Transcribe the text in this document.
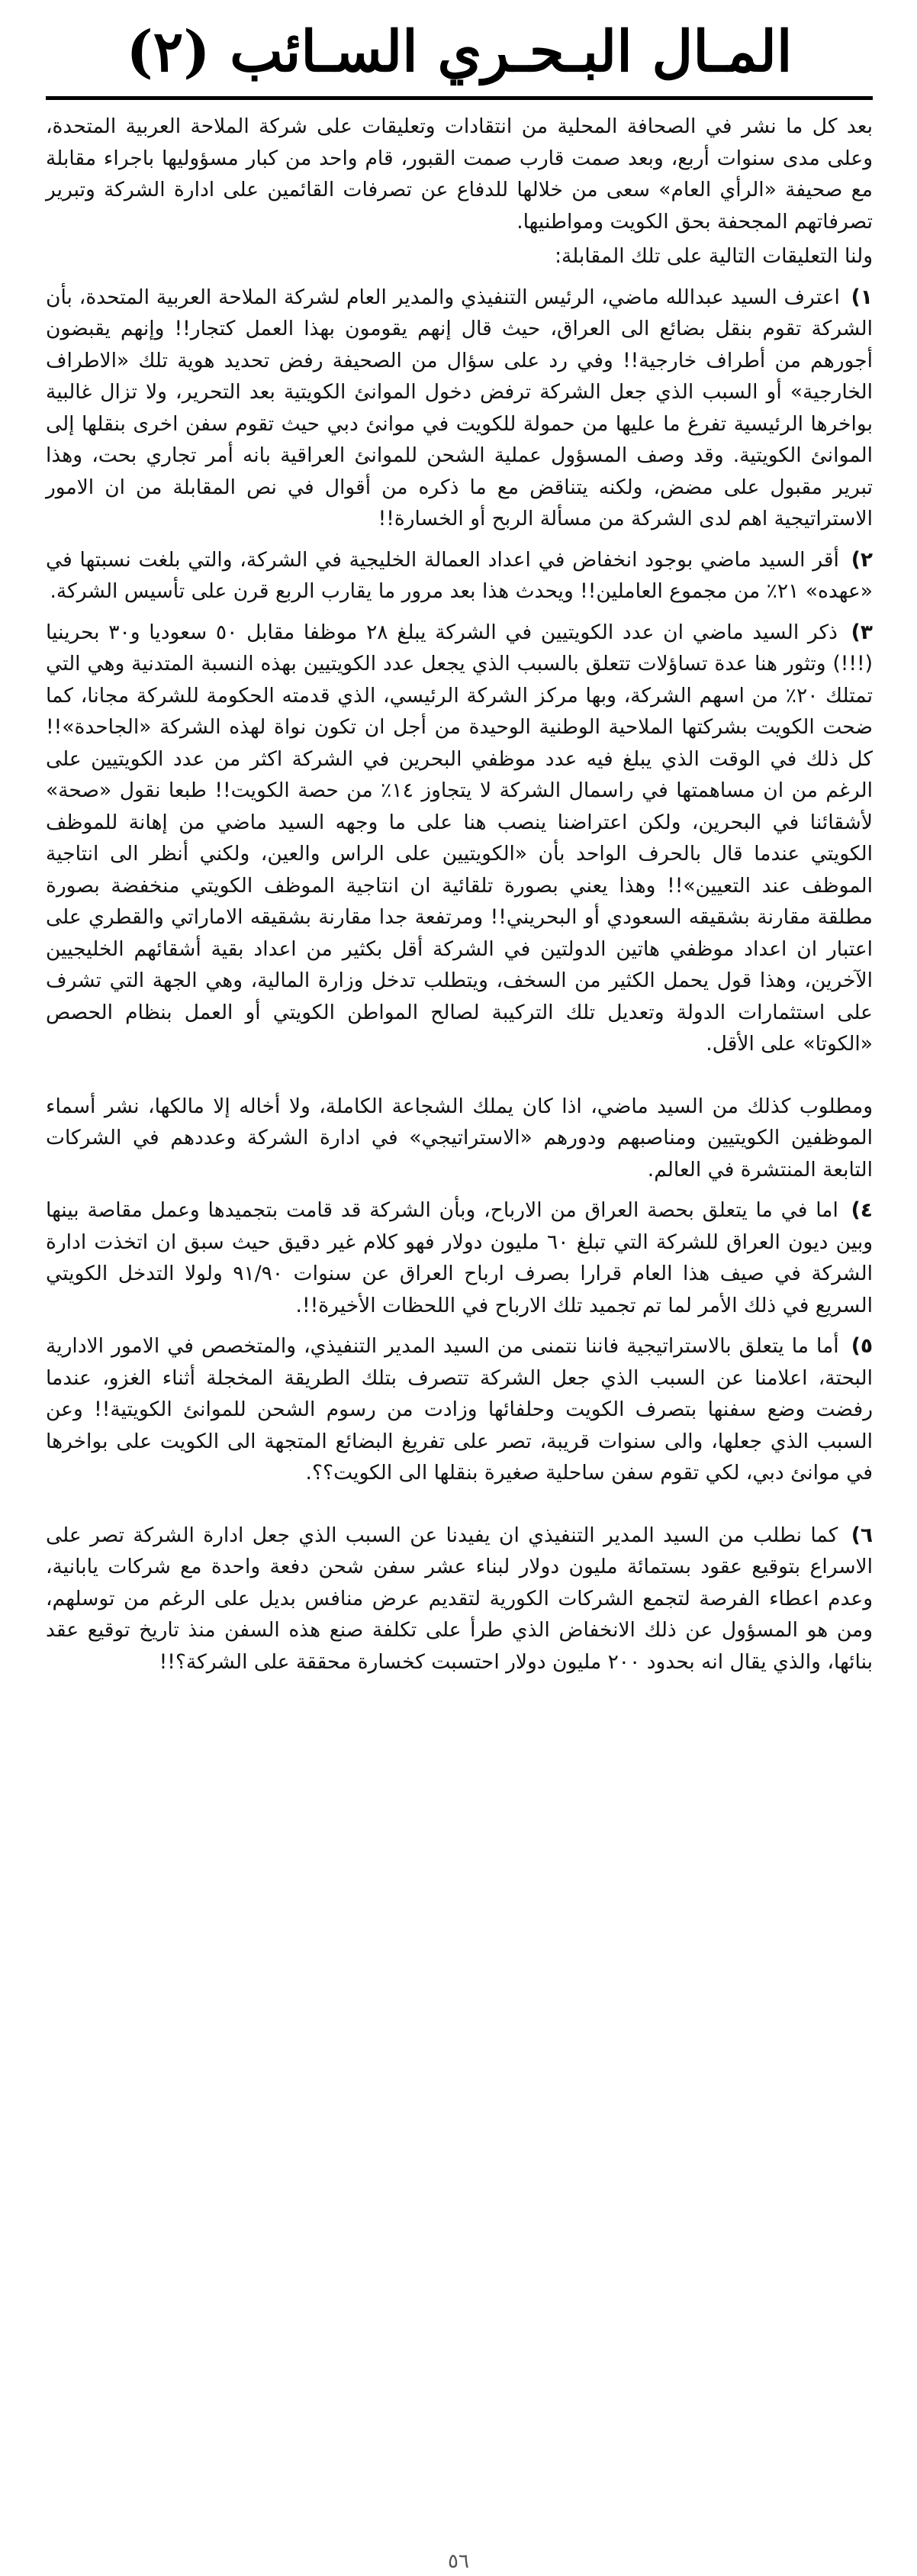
المـال البـحـري السـائب (٢)

بعد كل ما نشر في الصحافة المحلية من انتقادات وتعليقات على شركة الملاحة العربية المتحدة، وعلى مدى سنوات أربع، وبعد صمت قارب صمت القبور، قام واحد من كبار مسؤوليها باجراء مقابلة مع صحيفة «الرأي العام» سعى من خلالها للدفاع عن تصرفات القائمين على ادارة الشركة وتبرير تصرفاتهم المجحفة بحق الكويت ومواطنيها.

ولنا التعليقات التالية على تلك المقابلة:

١) اعترف السيد عبدالله ماضي، الرئيس التنفيذي والمدير العام لشركة الملاحة العربية المتحدة، بأن الشركة تقوم بنقل بضائع الى العراق، حيث قال إنهم يقومون بهذا العمل كتجار!! وإنهم يقبضون أجورهم من أطراف خارجية!! وفي رد على سؤال من الصحيفة رفض تحديد هوية تلك «الاطراف الخارجية» أو السبب الذي جعل الشركة ترفض دخول الموانئ الكويتية بعد التحرير، ولا تزال غالبية بواخرها الرئيسية تفرغ ما عليها من حمولة للكويت في موانئ دبي حيث تقوم سفن اخرى بنقلها إلى الموانئ الكويتية. وقد وصف المسؤول عملية الشحن للموانئ العراقية بانه أمر تجاري بحت، وهذا تبرير مقبول على مضض، ولكنه يتناقض مع ما ذكره من أقوال في نص المقابلة من ان الامور الاستراتيجية اهم لدى الشركة من مسألة الربح أو الخسارة!!

٢) أقر السيد ماضي بوجود انخفاض في اعداد العمالة الخليجية في الشركة، والتي بلغت نسبتها في «عهده» ٢١٪ من مجموع العاملين!! ويحدث هذا بعد مرور ما يقارب الربع قرن على تأسيس الشركة.

٣) ذكر السيد ماضي ان عدد الكويتيين في الشركة يبلغ ٢٨ موظفا مقابل ٥٠ سعوديا و٣٠ بحرينيا (!!!) وتثور هنا عدة تساؤلات تتعلق بالسبب الذي يجعل عدد الكويتيين بهذه النسبة المتدنية وهي التي تمتلك ٢٠٪ من اسهم الشركة، وبها مركز الشركة الرئيسي، الذي قدمته الحكومة للشركة مجانا، كما ضحت الكويت بشركتها الملاحية الوطنية الوحيدة من أجل ان تكون نواة لهذه الشركة «الجاحدة»!! كل ذلك في الوقت الذي يبلغ فيه عدد موظفي البحرين في الشركة اكثر من عدد الكويتيين على الرغم من ان مساهمتها في راسمال الشركة لا يتجاوز ١٤٪ من حصة الكويت!! طبعا نقول «صحة» لأشقائنا في البحرين، ولكن اعتراضنا ينصب هنا على ما وجهه السيد ماضي من إهانة للموظف الكويتي عندما قال بالحرف الواحد بأن «الكويتيين على الراس والعين، ولكني أنظر الى انتاجية الموظف عند التعيين»!! وهذا يعني بصورة تلقائية ان انتاجية الموظف الكويتي منخفضة بصورة مطلقة مقارنة بشقيقه السعودي أو البحريني!! ومرتفعة جدا مقارنة بشقيقه الاماراتي والقطري على اعتبار ان اعداد موظفي هاتين الدولتين في الشركة أقل بكثير من اعداد بقية أشقائهم الخليجيين الآخرين، وهذا قول يحمل الكثير من السخف، ويتطلب تدخل وزارة المالية، وهي الجهة التي تشرف على استثمارات الدولة وتعديل تلك التركيبة لصالح المواطن الكويتي أو العمل بنظام الحصص «الكوتا» على الأقل.

ومطلوب كذلك من السيد ماضي، اذا كان يملك الشجاعة الكاملة، ولا أخاله إلا مالكها، نشر أسماء الموظفين الكويتيين ومناصبهم ودورهم «الاستراتيجي» في ادارة الشركة وعددهم في الشركات التابعة المنتشرة في العالم.

٤) اما في ما يتعلق بحصة العراق من الارباح، وبأن الشركة قد قامت بتجميدها وعمل مقاصة بينها وبين ديون العراق للشركة التي تبلغ ٦٠ مليون دولار فهو كلام غير دقيق حيث سبق ان اتخذت ادارة الشركة في صيف هذا العام قرارا بصرف ارباح العراق عن سنوات ٩١/٩٠ ولولا التدخل الكويتي السريع في ذلك الأمر لما تم تجميد تلك الارباح في اللحظات الأخيرة!!.

٥) أما ما يتعلق بالاستراتيجية فاننا نتمنى من السيد المدير التنفيذي، والمتخصص في الامور الادارية البحتة، اعلامنا عن السبب الذي جعل الشركة تتصرف بتلك الطريقة المخجلة أثناء الغزو، عندما رفضت وضع سفنها بتصرف الكويت وحلفائها وزادت من رسوم الشحن للموانئ الكويتية!! وعن السبب الذي جعلها، والى سنوات قريبة، تصر على تفريغ البضائع المتجهة الى الكويت على بواخرها في موانئ دبي، لكي تقوم سفن ساحلية صغيرة بنقلها الى الكويت؟؟.

٦) كما نطلب من السيد المدير التنفيذي ان يفيدنا عن السبب الذي جعل ادارة الشركة تصر على الاسراع بتوقيع عقود بستمائة مليون دولار لبناء عشر سفن شحن دفعة واحدة مع شركات يابانية، وعدم اعطاء الفرصة لتجمع الشركات الكورية لتقديم عرض منافس بديل على الرغم من توسلهم، ومن هو المسؤول عن ذلك الانخفاض الذي طرأ على تكلفة صنع هذه السفن منذ تاريخ توقيع عقد بنائها، والذي يقال انه بحدود ٢٠٠ مليون دولار احتسبت كخسارة محققة على الشركة؟!!

٥٦
